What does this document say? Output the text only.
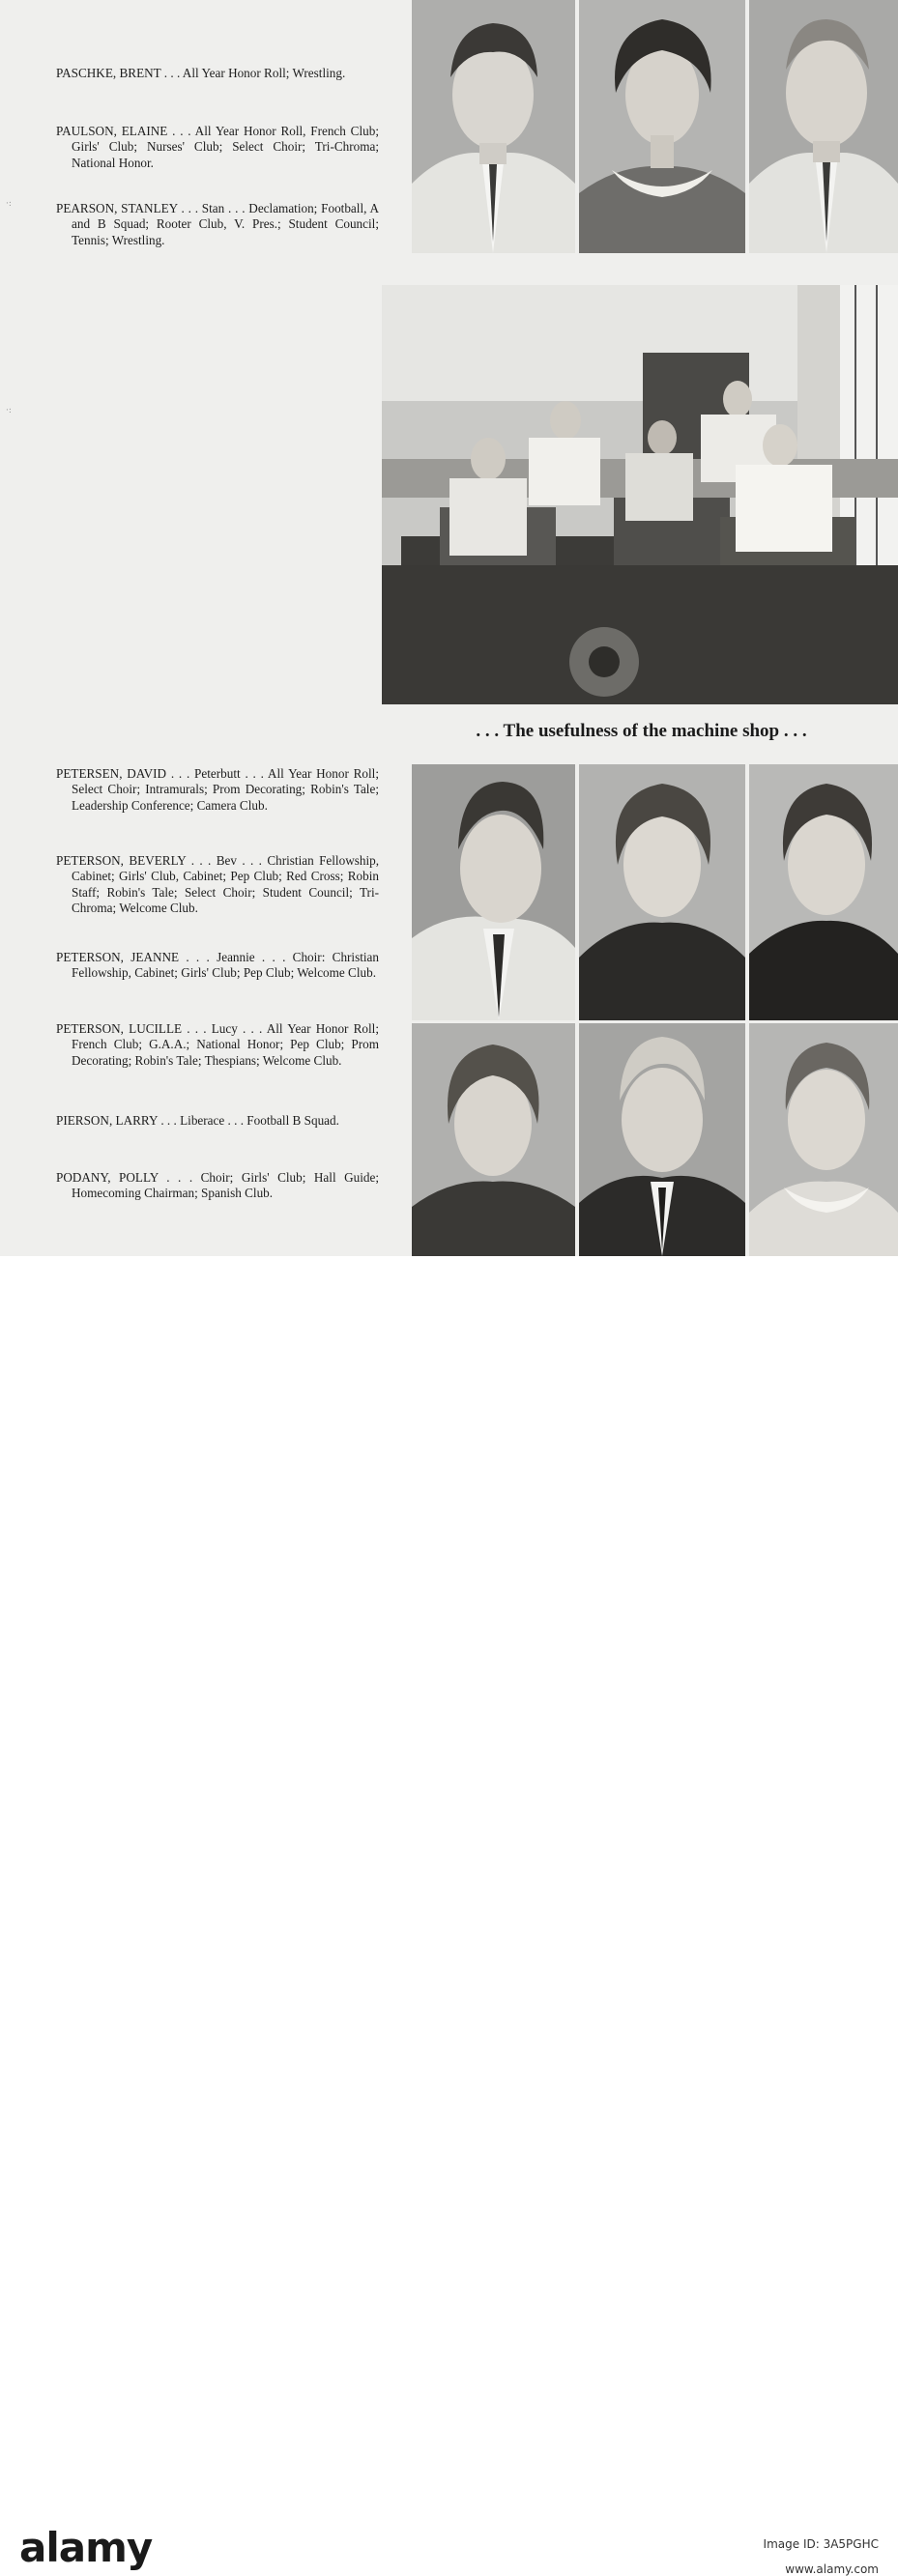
·:
·:

PASCHKE, BRENT . . . All Year Honor Roll; Wrestling.

PAULSON, ELAINE . . . All Year Honor Roll, French Club; Girls' Club; Nurses' Club; Select Choir; Tri-Chroma; National Honor.

PEARSON, STANLEY . . . Stan . . . Declamation; Football, A and B Squad; Rooter Club, V. Pres.; Student Council; Tennis; Wrestling.

. . . The usefulness of the machine shop . . .

PETERSEN, DAVID . . . Peterbutt . . . All Year Honor Roll; Select Choir; Intramurals; Prom Decorating; Robin's Tale; Leadership Conference; Camera Club.

PETERSON, BEVERLY . . . Bev . . . Christian Fellowship, Cabinet; Girls' Club, Cabinet; Pep Club; Red Cross; Robin Staff; Robin's Tale; Select Choir; Student Council; Tri-Chroma; Welcome Club.

PETERSON, JEANNE . . . Jeannie . . . Choir: Christian Fellowship, Cabinet; Girls' Club; Pep Club; Welcome Club.

PETERSON, LUCILLE . . . Lucy . . . All Year Honor Roll; French Club; G.A.A.; National Honor; Pep Club; Prom Decorating; Robin's Tale; Thespians; Welcome Club.

PIERSON, LARRY . . . Liberace . . . Football B Squad.

PODANY, POLLY . . . Choir; Girls' Club; Hall Guide; Homecoming Chairman; Spanish Club.

alamy	Image ID: 3A5PGHC

www.alamy.com
